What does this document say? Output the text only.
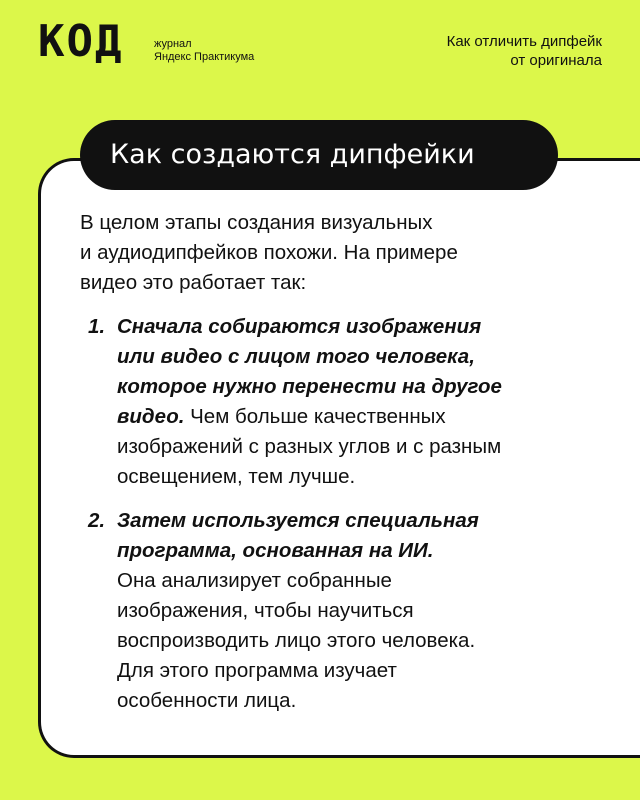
КОД	журнал
Яндекс Практикума
Как отличить дипфейк
от оригинала
Как создаются дипфейки
В целом этапы создания визуальных
и аудиодипфейков похожи. На примере
видео это работает так:
1. Сначала собираются изображения
или видео с лицом того человека,
которое нужно перенести на другое
видео. Чем больше качественных
изображений с разных углов и с разным
освещением, тем лучше.
2. Затем используется специальная
программа, основанная на ИИ.
Она анализирует собранные
изображения, чтобы научиться
воспроизводить лицо этого человека.
Для этого программа изучает
особенности лица.
